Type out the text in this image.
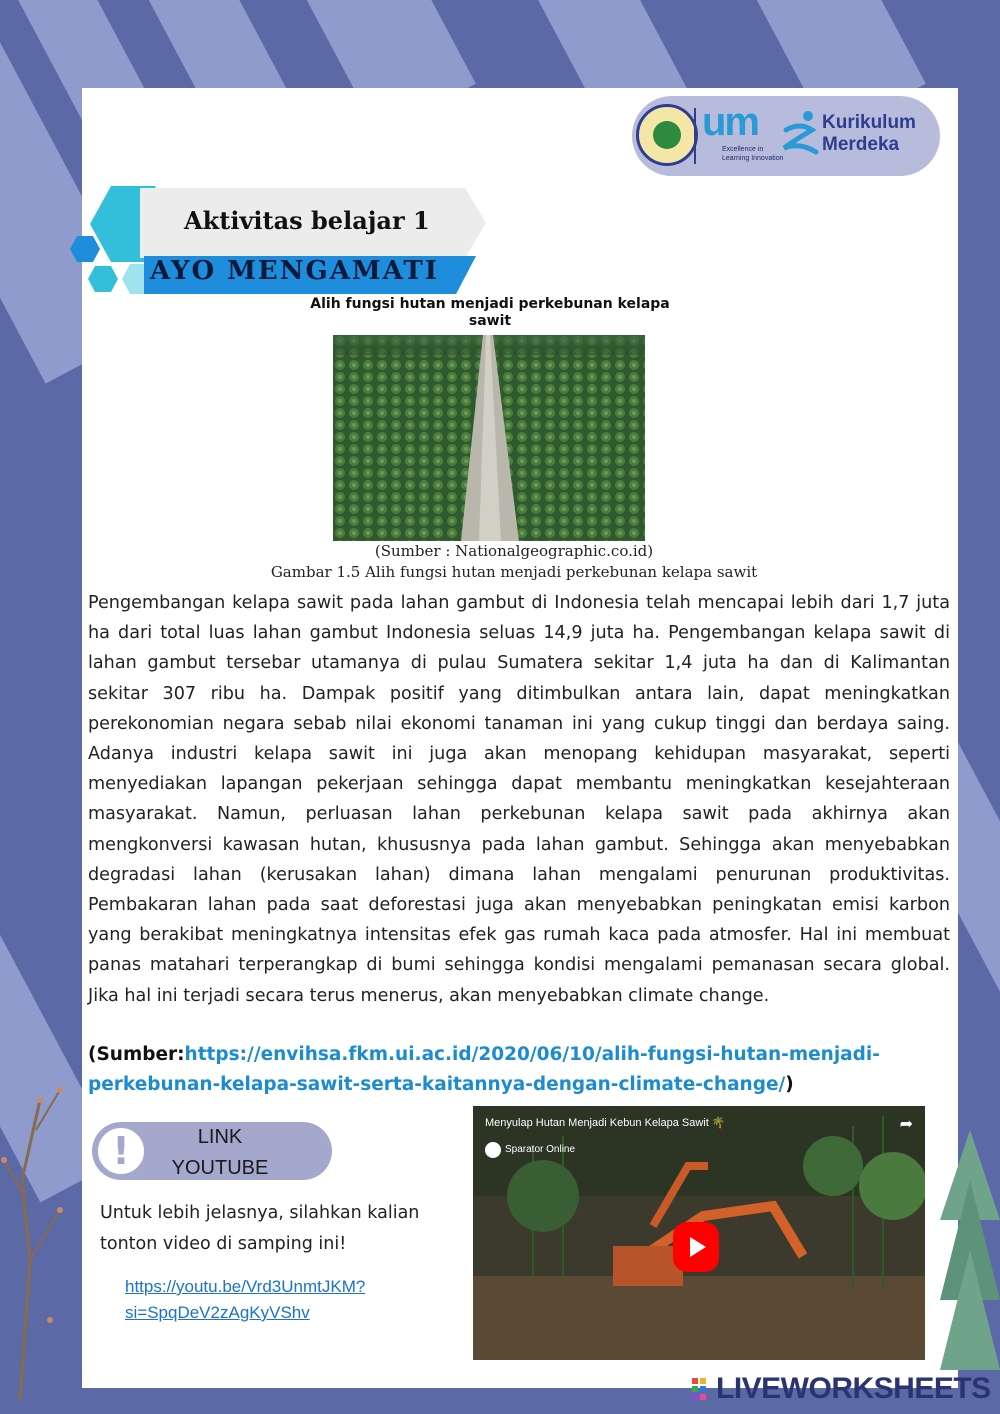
um
Excellence in Learning Innovation
Kurikulum
Merdeka
Aktivitas belajar 1
AYO MENGAMATI
Alih fungsi hutan menjadi perkebunan kelapa sawit
(Sumber : Nationalgeographic.co.id)
Gambar 1.5 Alih fungsi hutan menjadi perkebunan kelapa sawit
Pengembangan kelapa sawit pada lahan gambut di Indonesia telah mencapai lebih dari 1,7 juta ha dari total luas lahan gambut Indonesia seluas 14,9 juta ha. Pengembangan kelapa sawit di lahan gambut tersebar utamanya di pulau Sumatera sekitar 1,4 juta ha dan di Kalimantan sekitar 307 ribu ha. Dampak positif yang ditimbulkan antara lain, dapat meningkatkan perekonomian negara sebab nilai ekonomi tanaman ini yang cukup tinggi dan berdaya saing. Adanya industri kelapa sawit ini juga akan menopang kehidupan masyarakat, seperti menyediakan lapangan pekerjaan sehingga dapat membantu meningkatkan kesejahteraan masyarakat. Namun, perluasan lahan perkebunan kelapa sawit pada akhirnya akan mengkonversi kawasan hutan, khususnya pada lahan gambut. Sehingga akan menyebabkan degradasi lahan (kerusakan lahan) dimana lahan mengalami penurunan produktivitas. Pembakaran lahan pada saat deforestasi juga akan menyebabkan peningkatan emisi karbon yang berakibat meningkatnya intensitas efek gas rumah kaca pada atmosfer. Hal ini membuat panas matahari terperangkap di bumi sehingga kondisi mengalami pemanasan secara global. Jika hal ini terjadi secara terus menerus, akan menyebabkan climate change.
(Sumber:https://envihsa.fkm.ui.ac.id/2020/06/10/alih-fungsi-hutan-menjadi-perkebunan-kelapa-sawit-serta-kaitannya-dengan-climate-change/)
!	LINK YOUTUBE
Untuk lebih jelasnya, silahkan kalian tonton video di samping ini!
https://youtu.be/Vrd3UnmtJKM?si=SpqDeV2zAgKyVShv
Menyulap Hutan Menjadi Kebun Kelapa Sawit 🌴
Sparator Online
➦
LIVEWORKSHEETS
